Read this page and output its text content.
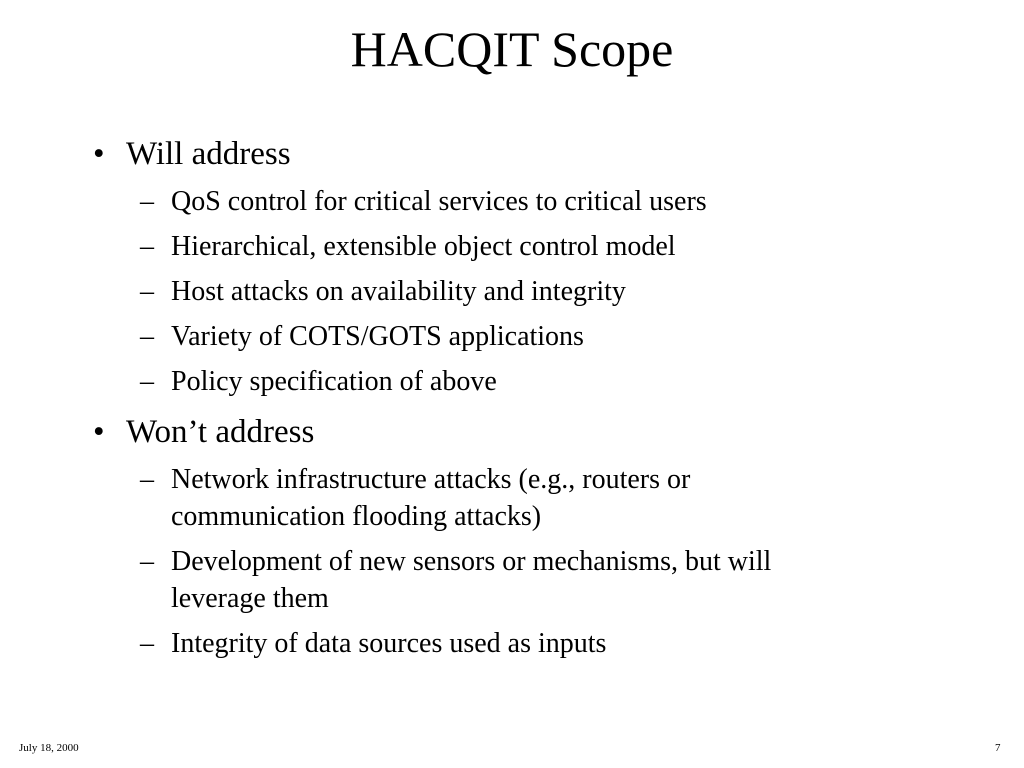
HACQIT Scope
• Will address
– QoS control for critical services to critical users
– Hierarchical, extensible object control model
– Host attacks on availability and integrity
– Variety of COTS/GOTS applications
– Policy specification of above
• Won’t address
– Network infrastructure attacks (e.g., routers or
communication flooding attacks)
– Development of new sensors or mechanisms, but will
leverage them
– Integrity of data sources used as inputs
July 18, 2000	7
